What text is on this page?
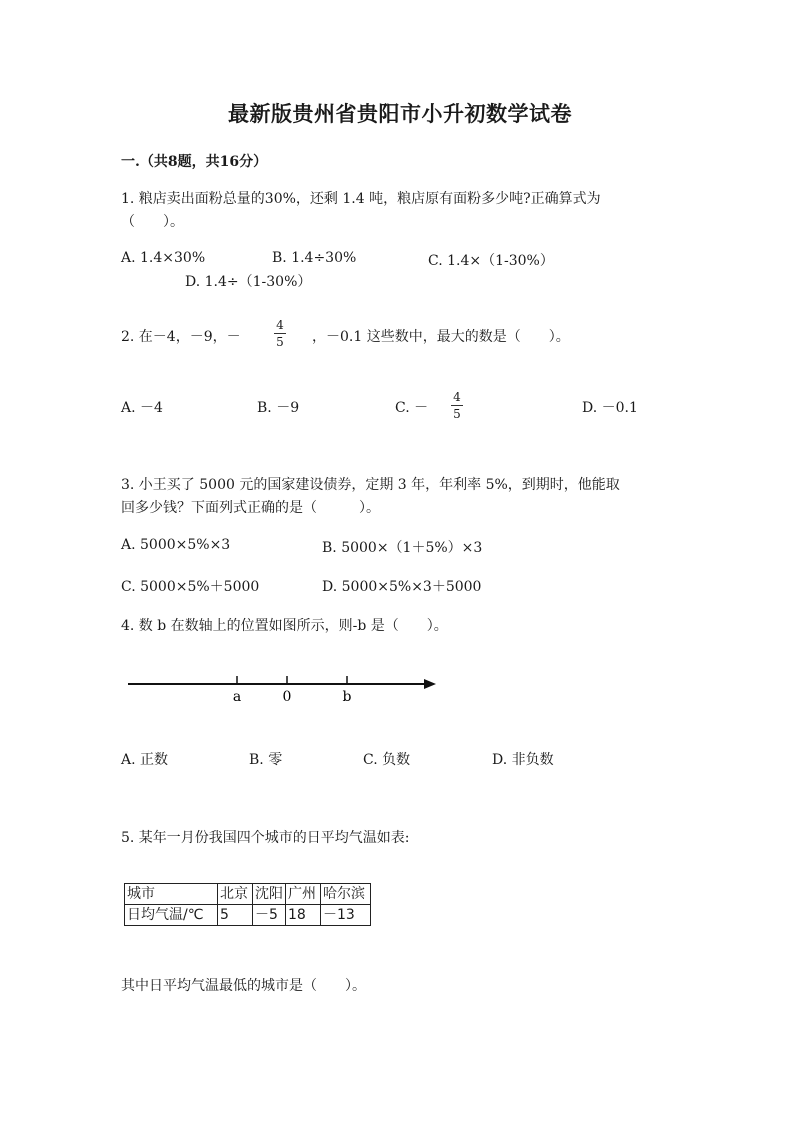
最新版贵州省贵阳市小升初数学试卷
一.（共8题，共16分）
1. 粮店卖出面粉总量的30%，还剩 1.4 吨，粮店原有面粉多少吨?正确算式为
（　　）。
A. 1.4×30%	B. 1.4÷30%	C. 1.4×（1-30%）
D. 1.4÷（1-30%）
2. 在－4，－9，－
4
5 ，－0.1 这些数中，最大的数是（　　）。
A. －4	B. －9	C. －
4
5	D. －0.1
3. 小王买了 5000 元的国家建设债券，定期 3 年，年利率 5%，到期时，他能取
回多少钱？下面列式正确的是（　　　）。
A. 5000×5%×3	B. 5000×（1＋5%）×3
C. 5000×5%＋5000	D. 5000×5%×3＋5000
4. 数 b 在数轴上的位置如图所示，则-b 是（　　）。
a	0	b
A. 正数	B. 零	C. 负数	D. 非负数
5. 某年一月份我国四个城市的日平均气温如表:
城市	北京	沈阳	广州	哈尔滨
日均气温/℃	5	－5	18	－13
其中日平均气温最低的城市是（　　）。
